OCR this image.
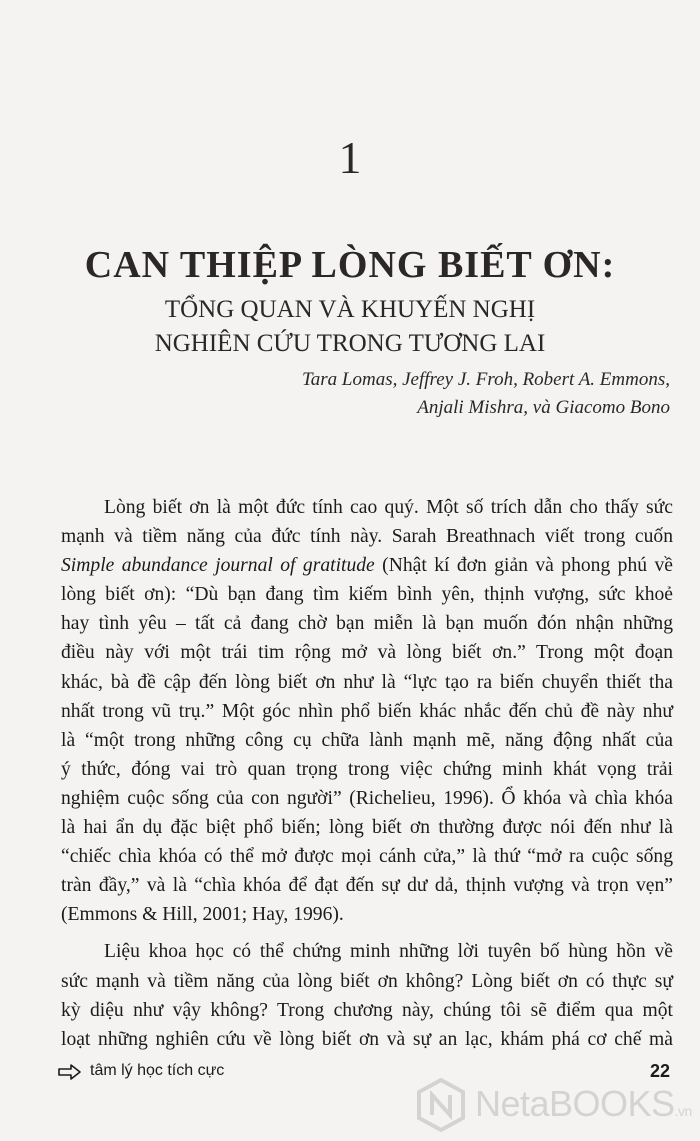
1
CAN THIỆP LÒNG BIẾT ƠN:
TỔNG QUAN VÀ KHUYẾN NGHỊ
NGHIÊN CỨU TRONG TƯƠNG LAI
Tara Lomas, Jeffrey J. Froh, Robert A. Emmons,
Anjali Mishra, và Giacomo Bono

Lòng biết ơn là một đức tính cao quý. Một số trích dẫn cho thấy sức
mạnh và tiềm năng của đức tính này. Sarah Breathnach viết trong cuốn
Simple abundance journal of gratitude (Nhật kí đơn giản và phong phú về
lòng biết ơn): “Dù bạn đang tìm kiếm bình yên, thịnh vượng, sức khoẻ
hay tình yêu – tất cả đang chờ bạn miễn là bạn muốn đón nhận những
điều này với một trái tim rộng mở và lòng biết ơn.” Trong một đoạn
khác, bà đề cập đến lòng biết ơn như là “lực tạo ra biến chuyển thiết tha
nhất trong vũ trụ.” Một góc nhìn phổ biến khác nhắc đến chủ đề này như
là “một trong những công cụ chữa lành mạnh mẽ, năng động nhất của
ý thức, đóng vai trò quan trọng trong việc chứng minh khát vọng trải
nghiệm cuộc sống của con người” (Richelieu, 1996). Ổ khóa và chìa khóa
là hai ẩn dụ đặc biệt phổ biến; lòng biết ơn thường được nói đến như là
“chiếc chìa khóa có thể mở được mọi cánh cửa,” là thứ “mở ra cuộc sống
tràn đầy,” và là “chìa khóa để đạt đến sự dư dả, thịnh vượng và trọn vẹn”
(Emmons & Hill, 2001; Hay, 1996).

Liệu khoa học có thể chứng minh những lời tuyên bố hùng hồn về
sức mạnh và tiềm năng của lòng biết ơn không? Lòng biết ơn có thực sự
kỳ diệu như vậy không? Trong chương này, chúng tôi sẽ điểm qua một
loạt những nghiên cứu về lòng biết ơn và sự an lạc, khám phá cơ chế mà

tâm lý học tích cực	22
NetaBOOKS.vn
